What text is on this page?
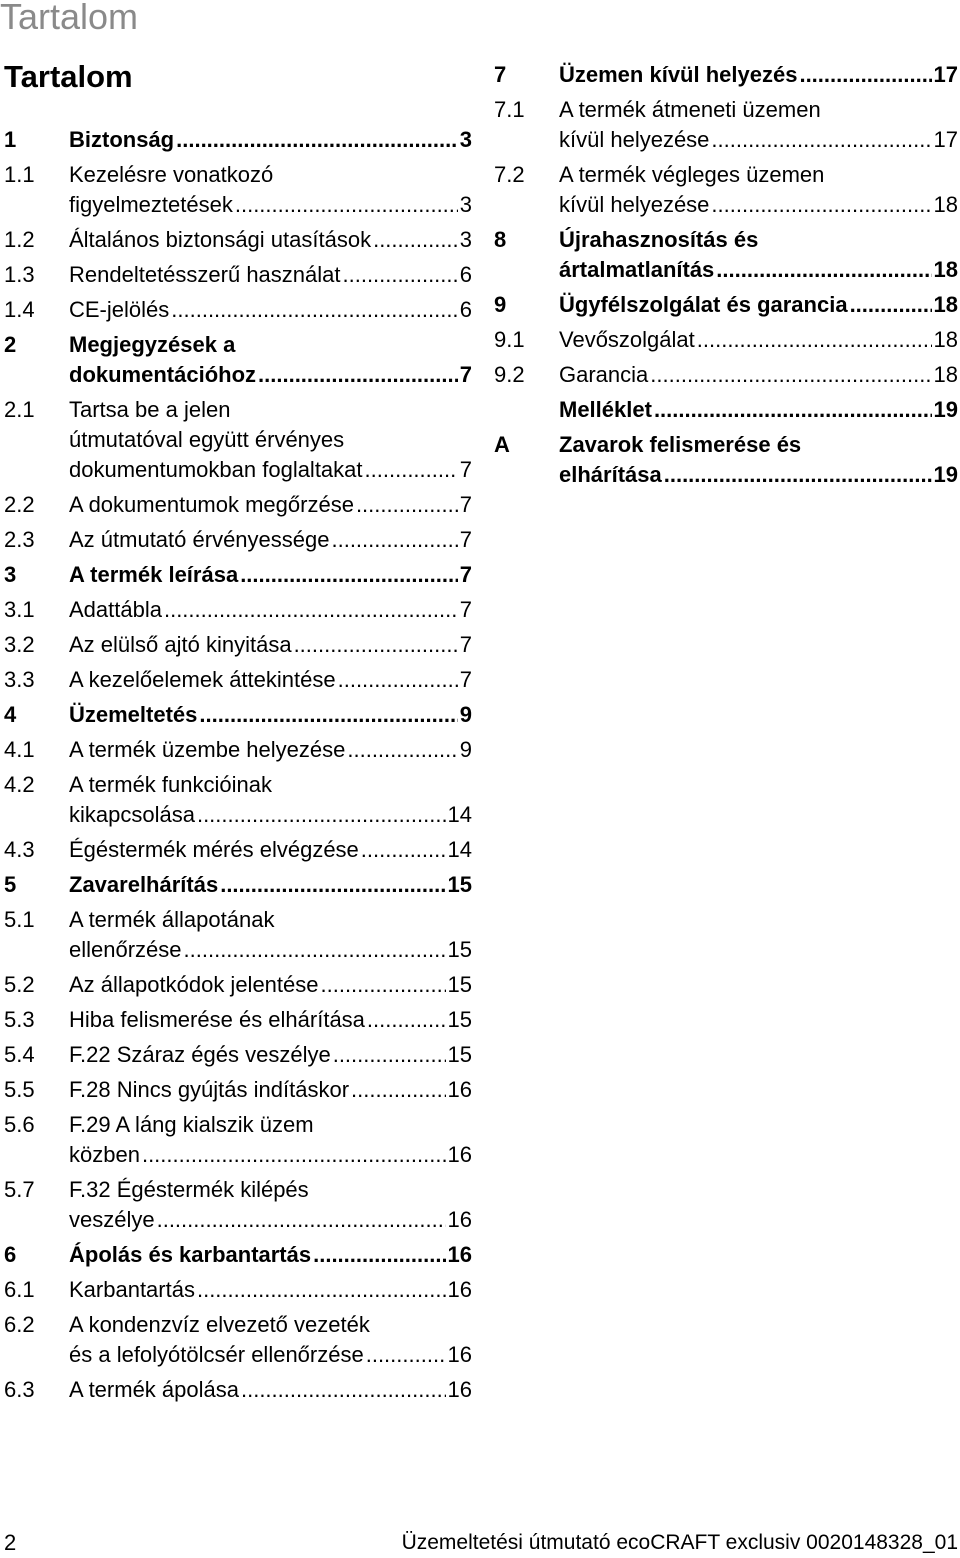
Tartalom
Tartalom
1	Biztonság .....	3
1.1	Kezelésre vonatkozó
figyelmeztetések .....	3
1.2	Általános biztonsági utasítások .....	3
1.3	Rendeltetésszerű használat .....	6
1.4	CE-jelölés .....	6
2	Megjegyzések a
dokumentációhoz .....	7
2.1	Tartsa be a jelen
útmutatóval együtt érvényes
dokumentumokban foglaltakat .....	7
2.2	A dokumentumok megőrzése .....	7
2.3	Az útmutató érvényessége .....	7
3	A termék leírása .....	7
3.1	Adattábla .....	7
3.2	Az elülső ajtó kinyitása .....	7
3.3	A kezelőelemek áttekintése .....	7
4	Üzemeltetés .....	9
4.1	A termék üzembe helyezése .....	9
4.2	A termék funkcióinak
kikapcsolása .....	14
4.3	Égéstermék mérés elvégzése .....	14
5	Zavarelhárítás .....	15
5.1	A termék állapotának
ellenőrzése .....	15
5.2	Az állapotkódok jelentése .....	15
5.3	Hiba felismerése és elhárítása .....	15
5.4	F.22 Száraz égés veszélye .....	15
5.5	F.28 Nincs gyújtás indításkor .....	16
5.6	F.29 A láng kialszik üzem
közben .....	16
5.7	F.32 Égéstermék kilépés
veszélye .....	16
6	Ápolás és karbantartás .....	16
6.1	Karbantartás .....	16
6.2	A kondenzvíz elvezető vezeték
és a lefolyótölcsér ellenőrzése .....	16
6.3	A termék ápolása .....	16
7	Üzemen kívül helyezés .....	17
7.1	A termék átmeneti üzemen
kívül helyezése .....	17
7.2	A termék végleges üzemen
kívül helyezése .....	18
8	Újrahasznosítás és
ártalmatlanítás .....	18
9	Ügyfélszolgálat és garancia .....	18
9.1	Vevőszolgálat .....	18
9.2	Garancia .....	18
Melléklet .....	19
A	Zavarok felismerése és
elhárítása .....	19
2	Üzemeltetési útmutató ecoCRAFT exclusiv 0020148328_01
